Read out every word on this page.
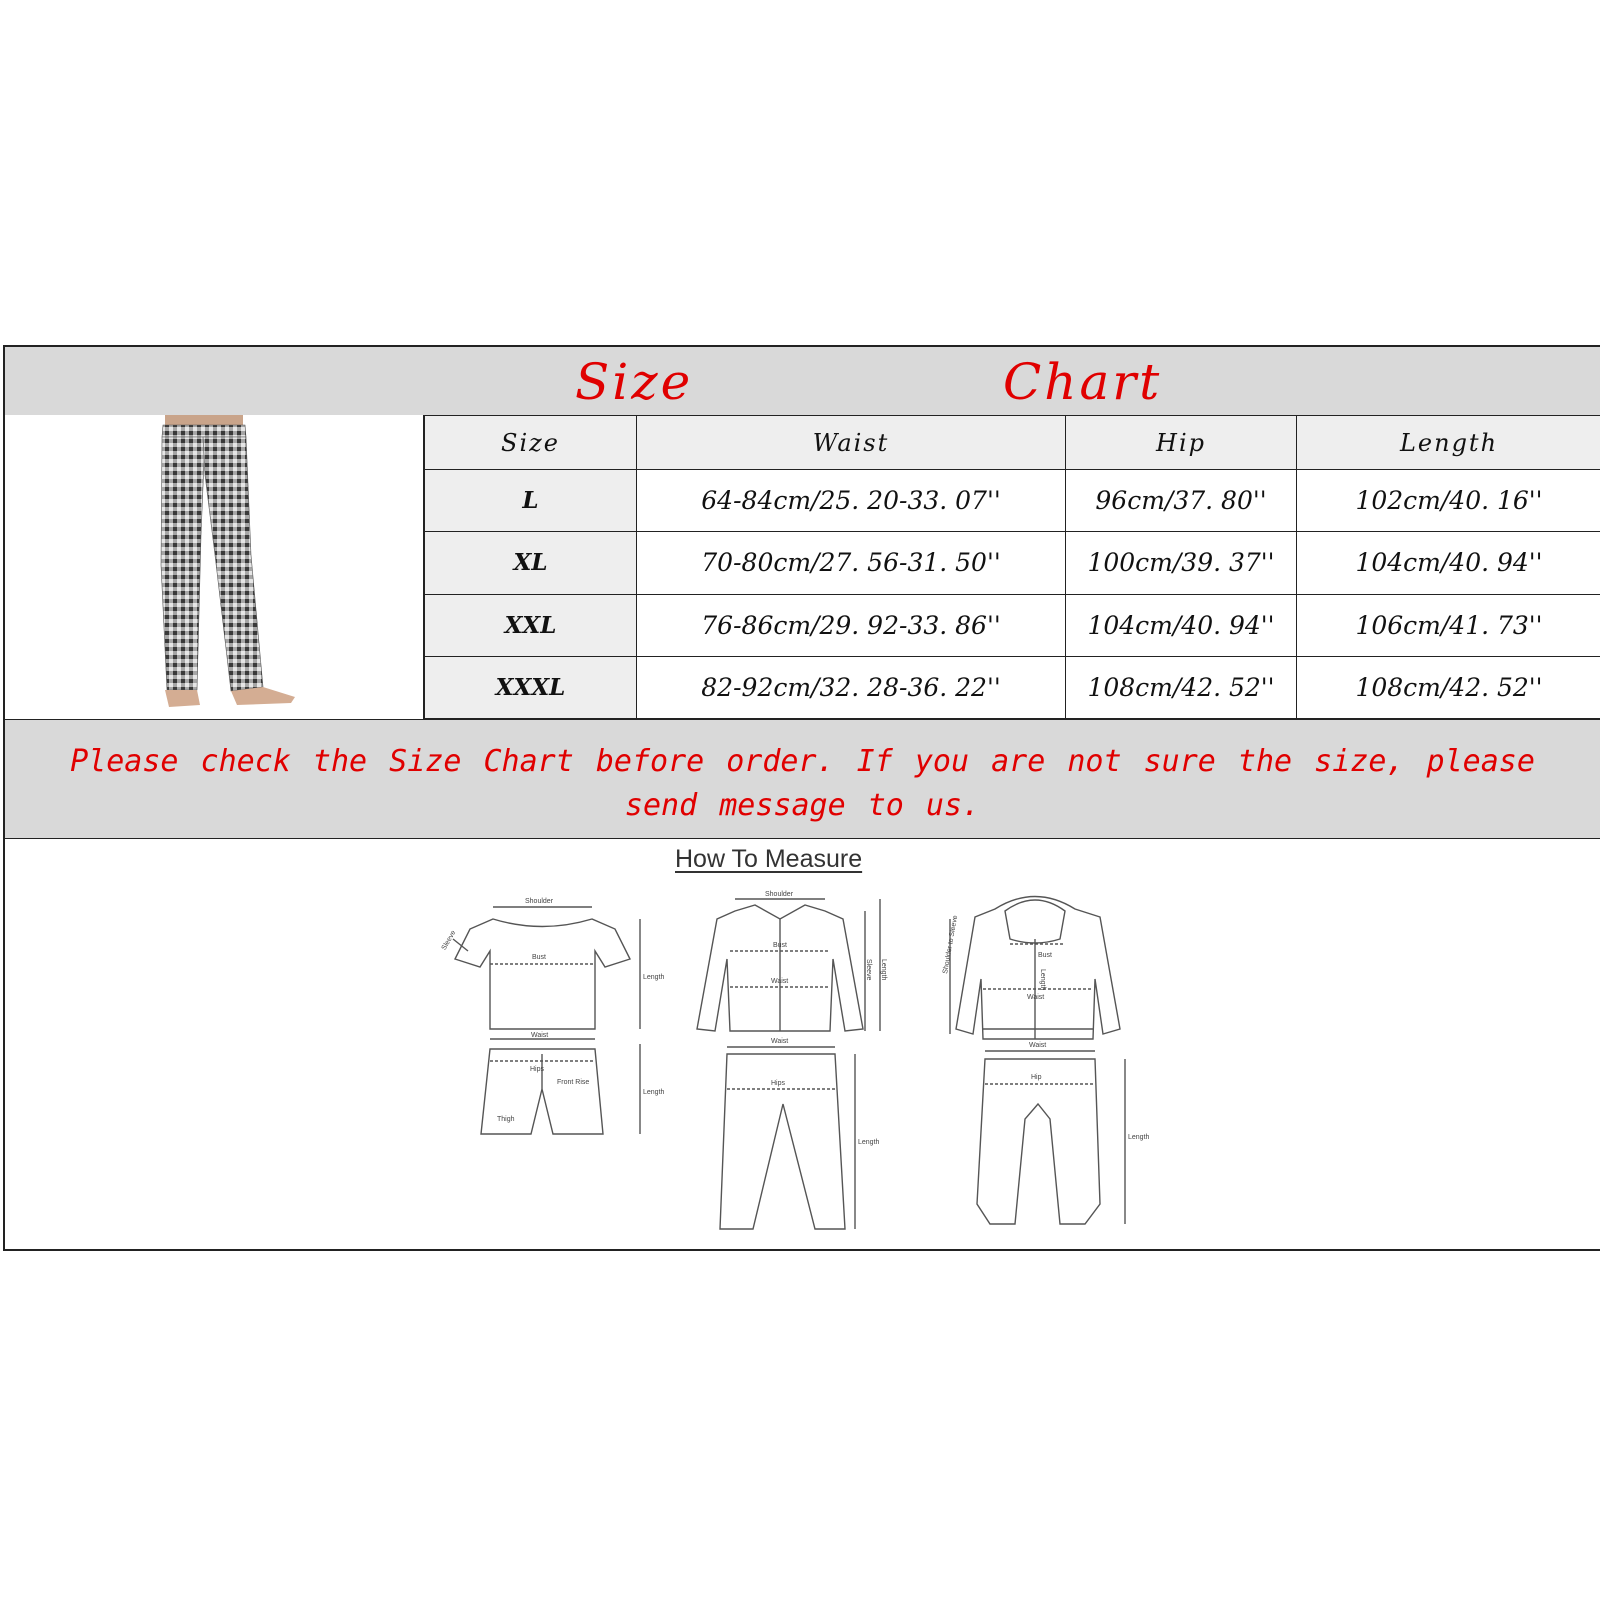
Size	Chart
Size	Waist	Hip	Length
L	64-84cm/25. 20-33. 07''	96cm/37. 80''	102cm/40. 16''
XL	70-80cm/27. 56-31. 50''	100cm/39. 37''	104cm/40. 94''
XXL	76-86cm/29. 92-33. 86''	104cm/40. 94''	106cm/41. 73''
XXXL	82-92cm/32. 28-36. 22''	108cm/42. 52''	108cm/42. 52''
Please check the Size Chart before order. If you are not sure the size, please send message to us.
How To Measure
Shoulder
Bust
Length
Sleeve
Waist
Hips
Front Rise
Thigh
Length
Shoulder
Bust
Waist
Sleeve Length
Waist
Hips
Length
Bust
Length
Waist
Shoulder to Sleeve
Waist
Hip
Length
